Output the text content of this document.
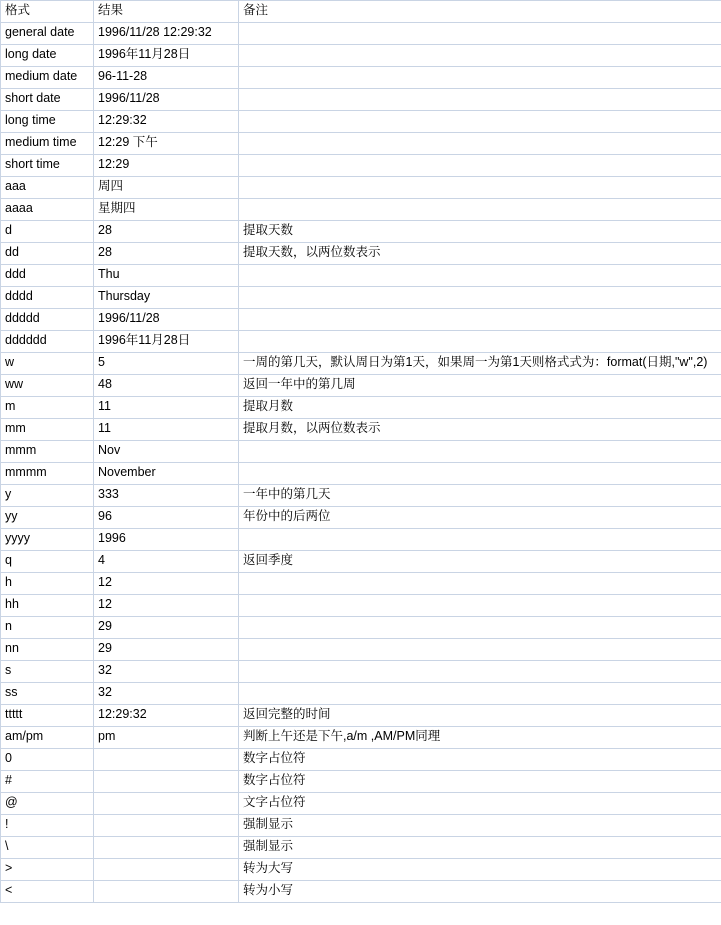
格式	结果	备注
general date	1996/11/28 12:29:32	
long date	1996年11月28日	
medium date	96-11-28	
short date	1996/11/28	
long time	12:29:32	
medium time	12:29 下午	
short time	12:29	
aaa	周四	
aaaa	星期四	
d	28	提取天数
dd	28	提取天数，以两位数表示
ddd	Thu	
dddd	Thursday	
ddddd	1996/11/28	
dddddd	1996年11月28日	
w	5	一周的第几天，默认周日为第1天，如果周一为第1天则格式式为：format(日期,"w",2)
ww	48	返回一年中的第几周
m	11	提取月数
mm	11	提取月数，以两位数表示
mmm	Nov	
mmmm	November	
y	333	一年中的第几天
yy	96	年份中的后两位
yyyy	1996	
q	4	返回季度
h	12	
hh	12	
n	29	
nn	29	
s	32	
ss	32	
ttttt	12:29:32	返回完整的时间
am/pm	pm	判断上午还是下午,a/m ,AM/PM同理
0		数字占位符
#		数字占位符
@		文字占位符
!		强制显示
\		强制显示
>		转为大写
<		转为小写
